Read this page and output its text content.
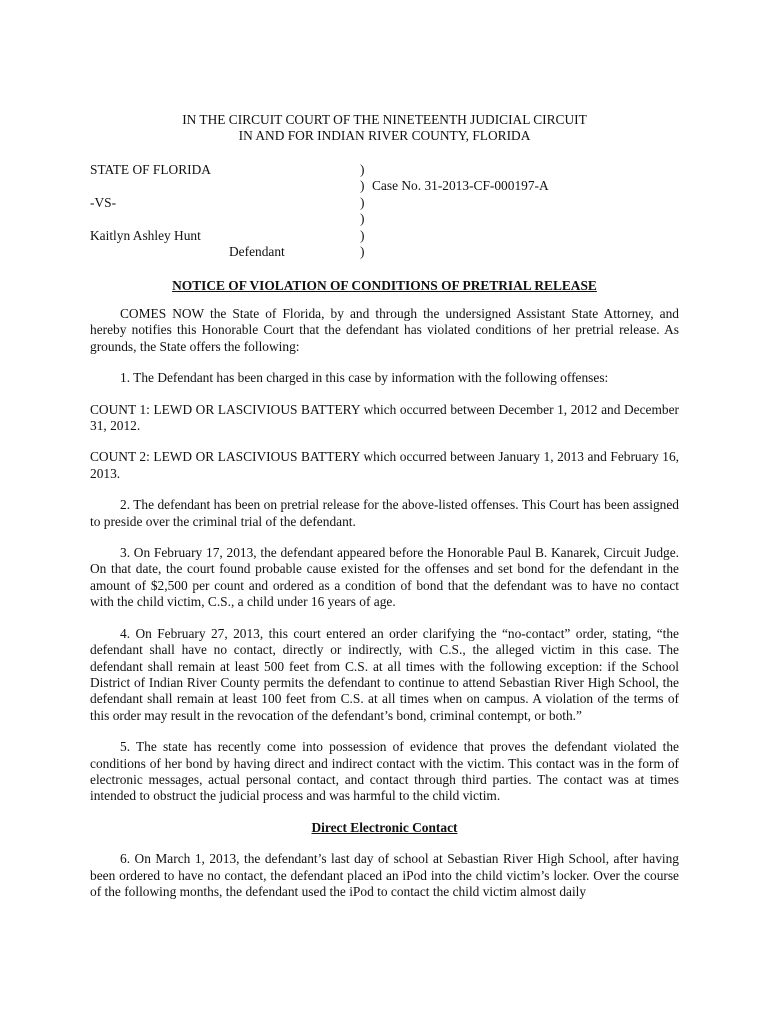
IN THE CIRCUIT COURT OF THE NINETEENTH JUDICIAL CIRCUIT
IN AND FOR INDIAN RIVER COUNTY, FLORIDA
STATE OF FLORIDA
-VS-
Kaitlyn Ashley Hunt
Defendant
)
)
)
)
)
)
Case No. 31-2013-CF-000197-A
NOTICE OF VIOLATION OF CONDITIONS OF PRETRIAL RELEASE

COMES NOW the State of Florida, by and through the undersigned Assistant State Attorney, and hereby notifies this Honorable Court that the defendant has violated conditions of her pretrial release. As grounds, the State offers the following:

1. The Defendant has been charged in this case by information with the following offenses:

COUNT 1: LEWD OR LASCIVIOUS BATTERY which occurred between December 1, 2012 and December 31, 2012.

COUNT 2: LEWD OR LASCIVIOUS BATTERY which occurred between January 1, 2013 and February 16, 2013.

2. The defendant has been on pretrial release for the above-listed offenses. This Court has been assigned to preside over the criminal trial of the defendant.

3. On February 17, 2013, the defendant appeared before the Honorable Paul B. Kanarek, Circuit Judge. On that date, the court found probable cause existed for the offenses and set bond for the defendant in the amount of $2,500 per count and ordered as a condition of bond that the defendant was to have no contact with the child victim, C.S., a child under 16 years of age.

4. On February 27, 2013, this court entered an order clarifying the “no-contact” order, stating, “the defendant shall have no contact, directly or indirectly, with C.S., the alleged victim in this case. The defendant shall remain at least 500 feet from C.S. at all times with the following exception: if the School District of Indian River County permits the defendant to continue to attend Sebastian River High School, the defendant shall remain at least 100 feet from C.S. at all times when on campus. A violation of the terms of this order may result in the revocation of the defendant’s bond, criminal contempt, or both.”

5. The state has recently come into possession of evidence that proves the defendant violated the conditions of her bond by having direct and indirect contact with the victim. This contact was in the form of electronic messages, actual personal contact, and contact through third parties. The contact was at times intended to obstruct the judicial process and was harmful to the child victim.

Direct Electronic Contact

6. On March 1, 2013, the defendant’s last day of school at Sebastian River High School, after having been ordered to have no contact, the defendant placed an iPod into the child victim’s locker. Over the course of the following months, the defendant used the iPod to contact the child victim almost daily
